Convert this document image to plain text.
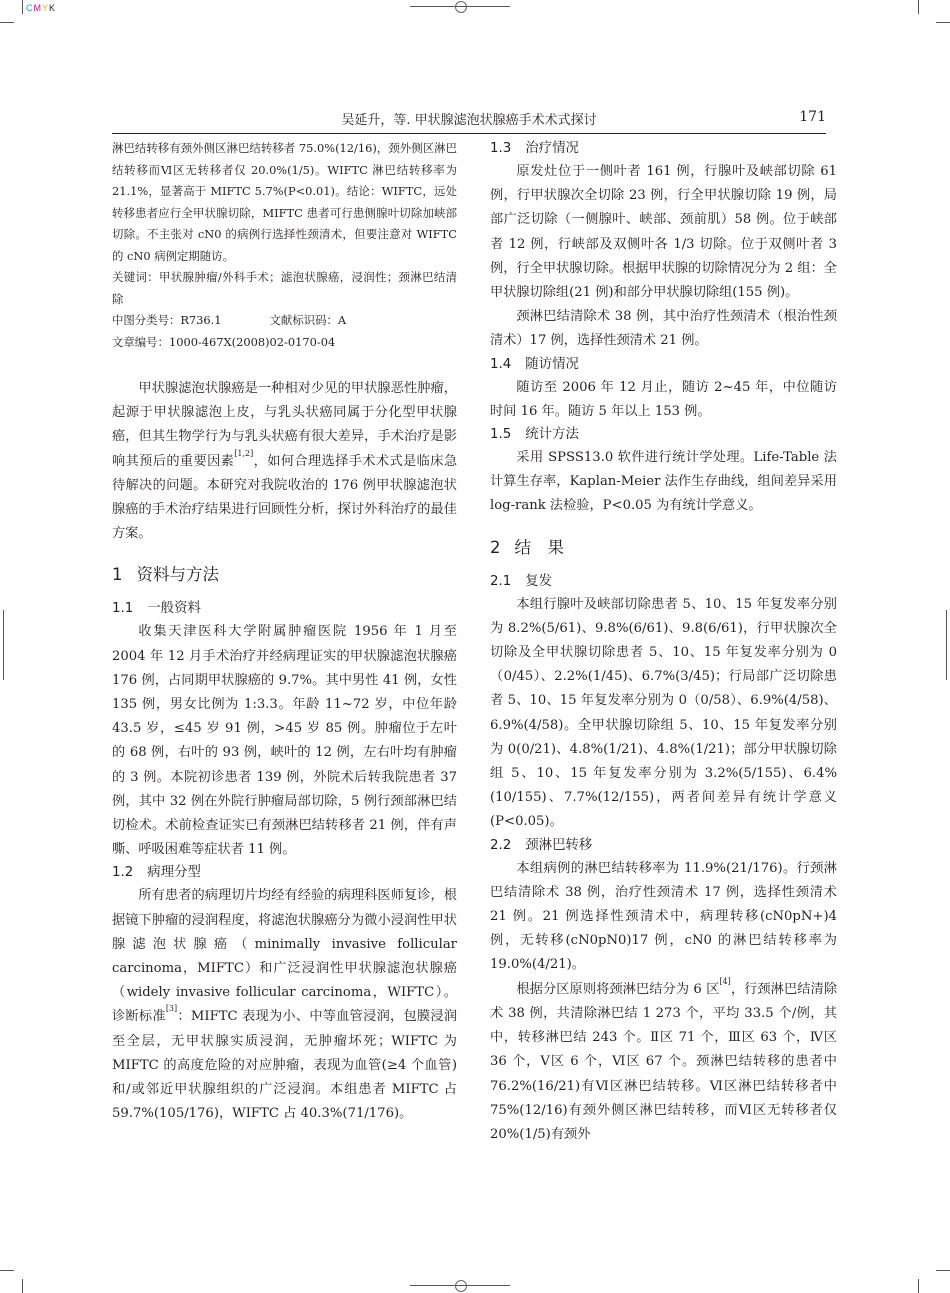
CMYK
吴延升，等. 甲状腺滤泡状腺癌手术术式探讨	171

淋巴结转移有颈外侧区淋巴结转移者 75.0%(12/16)，颈外侧区淋巴结转移而Ⅵ区无转移者仅 20.0%(1/5)。WIFTC 淋巴结转移率为 21.1%，显著高于 MIFTC 5.7%(P<0.01)。结论：WIFTC，远处转移患者应行全甲状腺切除，MIFTC 患者可行患侧腺叶切除加峡部切除。不主张对 cN0 的病例行选择性颈清术，但要注意对 WIFTC 的 cN0 病例定期随访。

关键词：甲状腺肿瘤/外科手术；滤泡状腺癌，浸润性；颈淋巴结清除

中图分类号：R736.1	文献标识码：A

文章编号：1000-467X(2008)02-0170-04

甲状腺滤泡状腺癌是一种相对少见的甲状腺恶性肿瘤，起源于甲状腺滤泡上皮，与乳头状癌同属于分化型甲状腺癌，但其生物学行为与乳头状癌有很大差异，手术治疗是影响其预后的重要因素[1,2]，如何合理选择手术术式是临床急待解决的问题。本研究对我院收治的 176 例甲状腺滤泡状腺癌的手术治疗结果进行回顾性分析，探讨外科治疗的最佳方案。

1 资料与方法
1.1 一般资料

收集天津医科大学附属肿瘤医院 1956 年 1 月至 2004 年 12 月手术治疗并经病理证实的甲状腺滤泡状腺癌 176 例，占同期甲状腺癌的 9.7%。其中男性 41 例，女性 135 例，男女比例为 1:3.3。年龄 11~72 岁，中位年龄 43.5 岁，≤45 岁 91 例，>45 岁 85 例。肿瘤位于左叶的 68 例，右叶的 93 例，峡叶的 12 例，左右叶均有肿瘤的 3 例。本院初诊患者 139 例，外院术后转我院患者 37 例，其中 32 例在外院行肿瘤局部切除，5 例行颈部淋巴结切检术。术前检查证实已有颈淋巴结转移者 21 例，伴有声嘶、呼吸困难等症状者 11 例。

1.2 病理分型

所有患者的病理切片均经有经验的病理科医师复诊，根据镜下肿瘤的浸润程度，将滤泡状腺癌分为微小浸润性甲状腺滤泡状腺癌（minimally invasive follicular carcinoma，MIFTC）和广泛浸润性甲状腺滤泡状腺癌（widely invasive follicular carcinoma，WIFTC）。诊断标准[3]：MIFTC 表现为小、中等血管浸润，包膜浸润至全层，无甲状腺实质浸润，无肿瘤坏死；WIFTC 为 MIFTC 的高度危险的对应肿瘤，表现为血管(≥4 个血管)和/或邻近甲状腺组织的广泛浸润。本组患者 MIFTC 占 59.7%(105/176)，WIFTC 占 40.3%(71/176)。

1.3 治疗情况

原发灶位于一侧叶者 161 例，行腺叶及峡部切除 61 例，行甲状腺次全切除 23 例，行全甲状腺切除 19 例，局部广泛切除（一侧腺叶、峡部、颈前肌）58 例。位于峡部者 12 例，行峡部及双侧叶各 1/3 切除。位于双侧叶者 3 例，行全甲状腺切除。根据甲状腺的切除情况分为 2 组：全甲状腺切除组(21 例)和部分甲状腺切除组(155 例)。

颈淋巴结清除术 38 例，其中治疗性颈清术（根治性颈清术）17 例，选择性颈清术 21 例。

1.4 随访情况

随访至 2006 年 12 月止，随访 2~45 年，中位随访时间 16 年。随访 5 年以上 153 例。

1.5 统计方法

采用 SPSS13.0 软件进行统计学处理。Life-Table 法计算生存率，Kaplan-Meier 法作生存曲线，组间差异采用 log-rank 法检验，P<0.05 为有统计学意义。

2 结　果
2.1 复发

本组行腺叶及峡部切除患者 5、10、15 年复发率分别为 8.2%(5/61)、9.8%(6/61)、9.8(6/61)，行甲状腺次全切除及全甲状腺切除患者 5、10、15 年复发率分别为 0（0/45）、2.2%(1/45)、6.7%(3/45)；行局部广泛切除患者 5、10、15 年复发率分别为 0（0/58）、6.9%(4/58)、6.9%(4/58)。全甲状腺切除组 5、10、15 年复发率分别为 0(0/21)、4.8%(1/21)、4.8%(1/21)；部分甲状腺切除组 5、10、15 年复发率分别为 3.2%(5/155)、6.4%(10/155)、7.7%(12/155)，两者间差异有统计学意义(P<0.05)。

2.2 颈淋巴转移

本组病例的淋巴结转移率为 11.9%(21/176)。行颈淋巴结清除术 38 例，治疗性颈清术 17 例，选择性颈清术 21 例。21 例选择性颈清术中，病理转移(cN0pN+)4 例，无转移(cN0pN0)17 例，cN0 的淋巴结转移率为 19.0%(4/21)。

根据分区原则将颈淋巴结分为 6 区[4]，行颈淋巴结清除术 38 例，共清除淋巴结 1 273 个，平均 33.5 个/例，其中，转移淋巴结 243 个。Ⅱ区 71 个，Ⅲ区 63 个，Ⅳ区 36 个，Ⅴ区 6 个，Ⅵ区 67 个。颈淋巴结转移的患者中 76.2%(16/21)有Ⅵ区淋巴结转移。Ⅵ区淋巴结转移者中 75%(12/16)有颈外侧区淋巴结转移，而Ⅵ区无转移者仅 20%(1/5)有颈外
